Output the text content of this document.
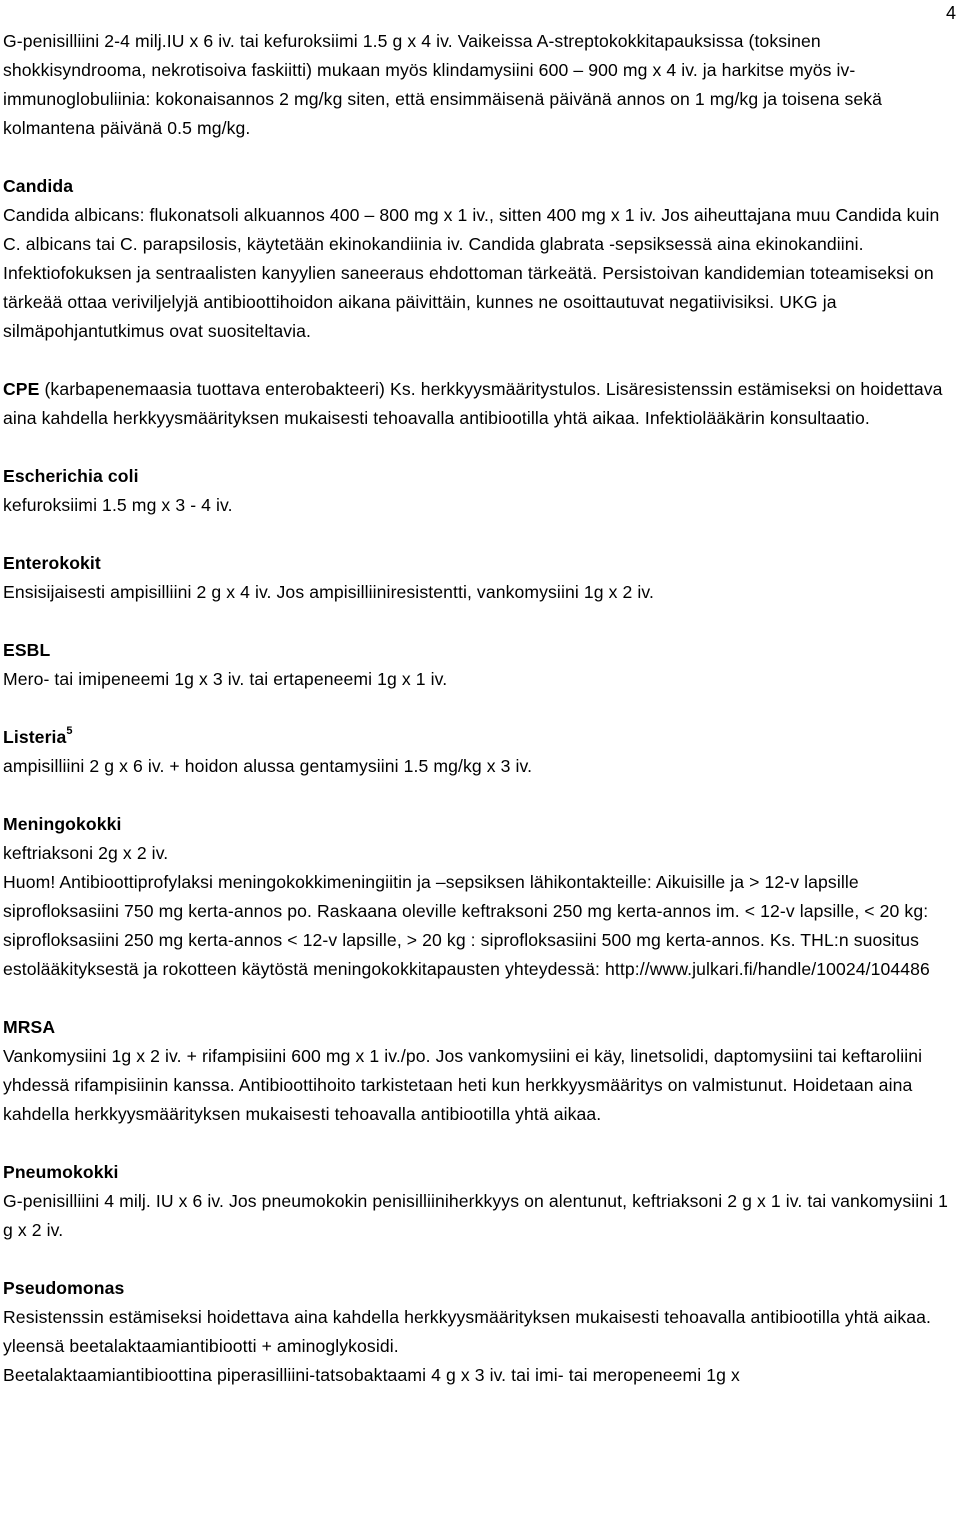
4

G-penisilliini 2-4 milj.IU x 6 iv. tai kefuroksiimi 1.5 g x 4 iv. Vaikeissa A-streptokokkitapauksissa (toksinen shokkisyndrooma, nekrotisoiva faskiitti) mukaan myös klindamysiini 600 – 900 mg x 4 iv. ja harkitse myös iv-immunoglobuliinia: kokonaisannos 2 mg/kg siten, että ensimmäisenä päivänä annos on 1 mg/kg ja toisena sekä kolmantena päivänä 0.5 mg/kg.

Candida

Candida albicans: flukonatsoli alkuannos 400 – 800 mg x 1 iv., sitten 400 mg x 1 iv. Jos aiheuttajana muu Candida kuin C. albicans tai C. parapsilosis, käytetään ekinokandiinia iv. Candida glabrata -sepsiksessä aina ekinokandiini. Infektiofokuksen ja sentraalisten kanyylien saneeraus ehdottoman tärkeätä. Persistoivan kandidemian toteamiseksi on tärkeää ottaa veriviljelyjä antibioottihoidon aikana päivittäin, kunnes ne osoittautuvat negatiivisiksi. UKG ja silmäpohjantutkimus ovat suositeltavia.

CPE (karbapenemaasia tuottava enterobakteeri) Ks. herkkyysmääritystulos. Lisäresistenssin estämiseksi on hoidettava aina kahdella herkkyysmäärityksen mukaisesti tehoavalla antibiootilla yhtä aikaa. Infektiolääkärin konsultaatio.

Escherichia coli

kefuroksiimi 1.5 mg x 3 - 4 iv.

Enterokokit

Ensisijaisesti ampisilliini 2 g x 4 iv. Jos ampisilliiniresistentti, vankomysiini 1g x 2 iv.

ESBL

Mero- tai imipeneemi 1g x 3 iv. tai ertapeneemi 1g x 1 iv.

Listeria$^5$

ampisilliini 2 g x 6 iv. + hoidon alussa gentamysiini 1.5 mg/kg x 3 iv.

Meningokokki

keftriaksoni 2g x 2 iv.

Huom! Antibioottiprofylaksi meningokokkimeningiitin ja –sepsiksen lähikontakteille: Aikuisille ja > 12-v lapsille siprofloksasiini 750 mg kerta-annos po. Raskaana oleville keftraksoni 250 mg kerta-annos im. < 12-v lapsille, < 20 kg: siprofloksasiini 250 mg kerta-annos < 12-v lapsille, > 20 kg : siprofloksasiini 500 mg kerta-annos. Ks. THL:n suositus estolääkityksestä ja rokotteen käytöstä meningokokkitapausten yhteydessä: http://www.julkari.fi/handle/10024/104486

MRSA

Vankomysiini 1g x 2 iv. + rifampisiini 600 mg x 1 iv./po. Jos vankomysiini ei käy, linetsolidi, daptomysiini tai keftaroliini yhdessä rifampisiinin kanssa. Antibioottihoito tarkistetaan heti kun herkkyysmääritys on valmistunut. Hoidetaan aina kahdella herkkyysmäärityksen mukaisesti tehoavalla antibiootilla yhtä aikaa.

Pneumokokki

G-penisilliini 4 milj. IU x 6 iv. Jos pneumokokin penisilliiniherkkyys on alentunut, keftriaksoni 2 g x 1 iv. tai vankomysiini 1 g x 2 iv.

Pseudomonas

Resistenssin estämiseksi hoidettava aina kahdella herkkyysmäärityksen mukaisesti tehoavalla antibiootilla yhtä aikaa. yleensä beetalaktaamiantibiootti + aminoglykosidi.

Beetalaktaamiantibioottina piperasilliini-tatsobaktaami 4 g x 3 iv. tai imi- tai meropeneemi 1g x
